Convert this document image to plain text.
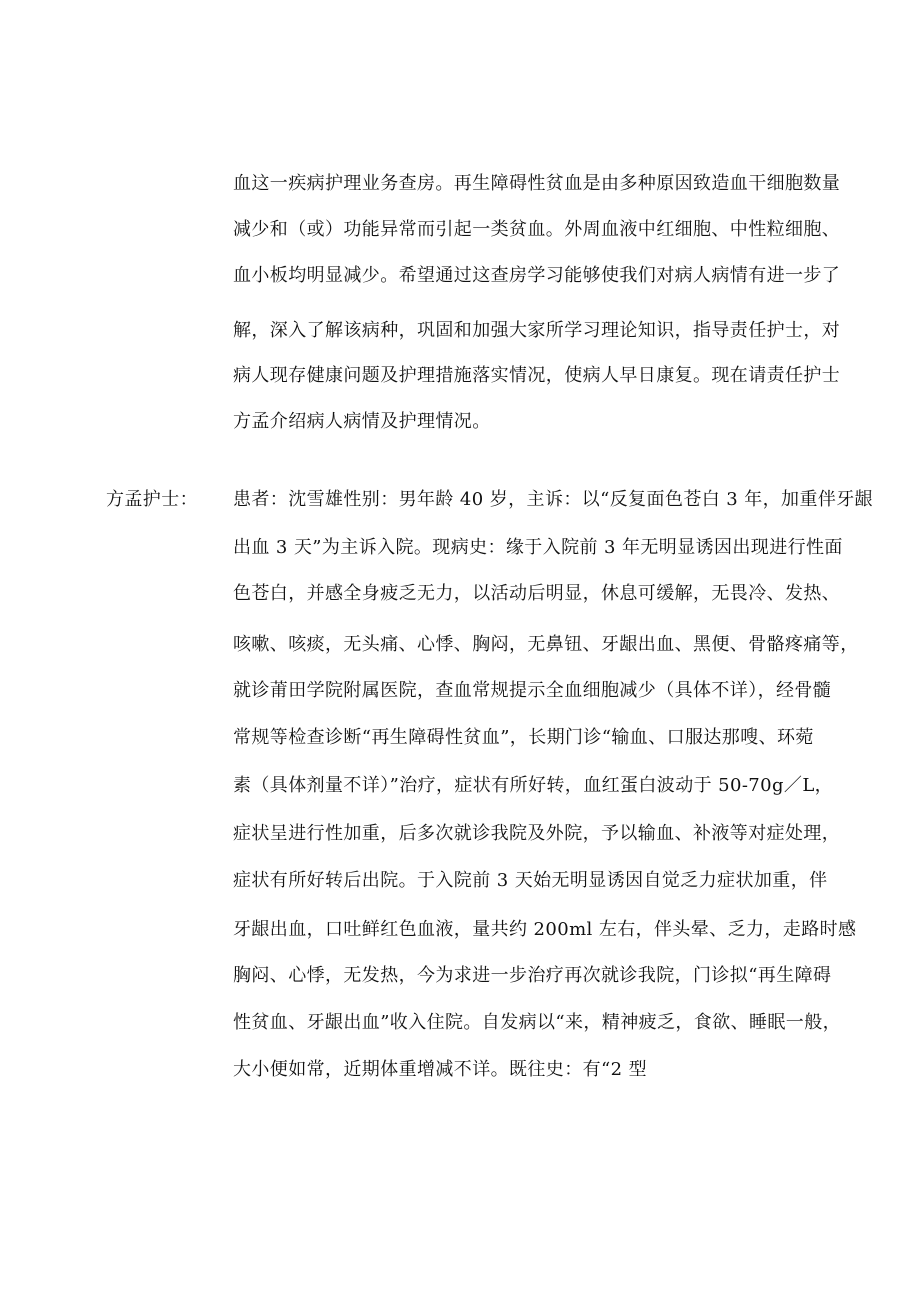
血这一疾病护理业务查房。再生障碍性贫血是由多种原因致造血干细胞数量
减少和（或）功能异常而引起一类贫血。外周血液中红细胞、中性粒细胞、
血小板均明显减少。希望通过这查房学习能够使我们对病人病情有进一步了
解，深入了解该病种，巩固和加强大家所学习理论知识，指导责任护士，对
病人现存健康问题及护理措施落实情况，使病人早日康复。现在请责任护士
方孟介绍病人病情及护理情况。
方孟护士： 患者：沈雪雄性别：男年龄 40 岁，主诉：以“反复面色苍白 3 年，加重伴牙龈
出血 3 天”为主诉入院。现病史：缘于入院前 3 年无明显诱因出现进行性面
色苍白，并感全身疲乏无力，以活动后明显，休息可缓解，无畏冷、发热、
咳嗽、咳痰，无头痛、心悸、胸闷，无鼻钮、牙龈出血、黑便、骨骼疼痛等，
就诊莆田学院附属医院，查血常规提示全血细胞减少（具体不详），经骨髓
常规等检查诊断“再生障碍性贫血”，长期门诊“输血、口服达那嗖、环菀
素（具体剂量不详）”治疗，症状有所好转，血红蛋白波动于 50-70g／L，
症状呈进行性加重，后多次就诊我院及外院，予以输血、补液等对症处理，
症状有所好转后出院。于入院前 3 天始无明显诱因自觉乏力症状加重，伴
牙龈出血，口吐鲜红色血液，量共约 200ml 左右，伴头晕、乏力，走路时感
胸闷、心悸，无发热，今为求进一步治疗再次就诊我院，门诊拟“再生障碍
性贫血、牙龈出血”收入住院。自发病以“来，精神疲乏，食欲、睡眠一般，
大小便如常，近期体重增减不详。既往史：有“2 型
